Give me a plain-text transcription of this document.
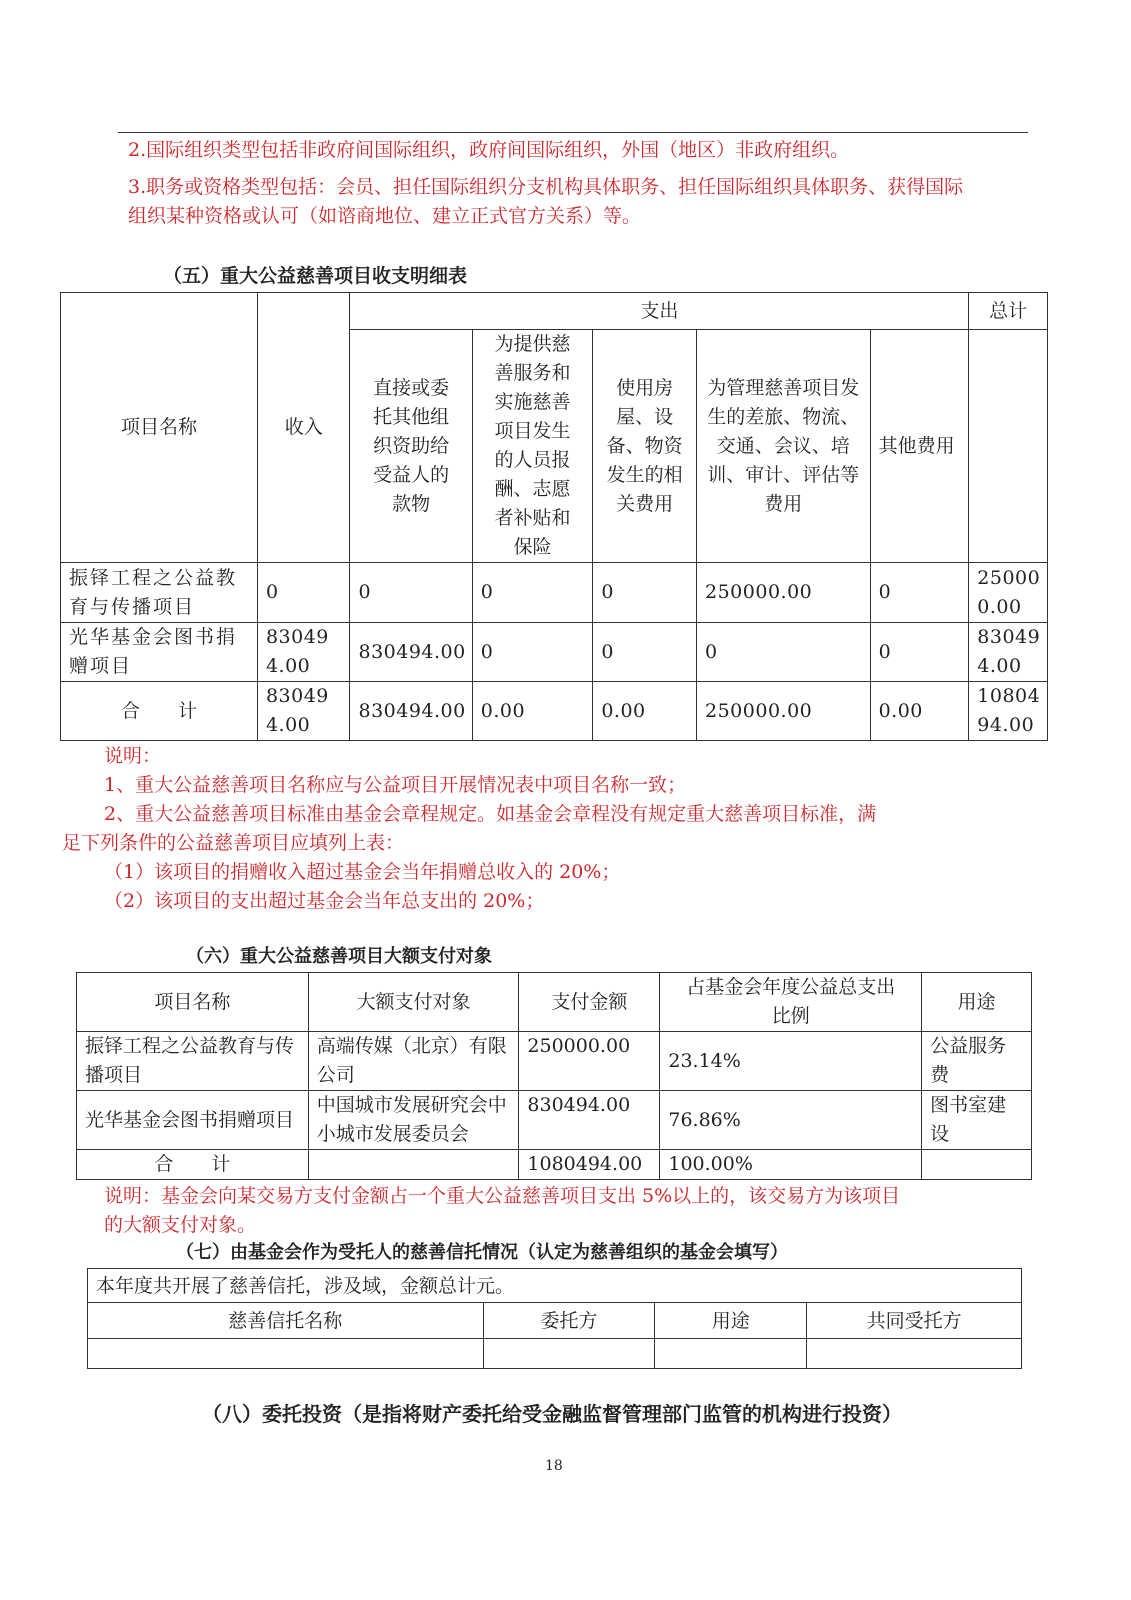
2.国际组织类型包括非政府间国际组织，政府间国际组织，外国（地区）非政府组织。
3.职务或资格类型包括：会员、担任国际组织分支机构具体职务、担任国际组织具体职务、获得国际
组织某种资格或认可（如谘商地位、建立正式官方关系）等。
（五）重大公益慈善项目收支明细表
项目名称	收入	支出					总计
		直接或委托其他组织资助给受益人的款物	为提供慈善服务和实施慈善项目发生的人员报酬、志愿者补贴和保险	使用房屋、设备、物资发生的相关费用	为管理慈善项目发生的差旅、物流、交通、会议、培训、审计、评估等费用	其他费用	
振铎工程之公益教育与传播项目	0	0	0	0	250000.00	0	250000.00
光华基金会图书捐赠项目	830494.00	830494.00	0	0	0	0	830494.00
合　　计	830494.00	830494.00	0.00	0.00	250000.00	0.00	1080494.00
说明：
1、重大公益慈善项目名称应与公益项目开展情况表中项目名称一致；
2、重大公益慈善项目标准由基金会章程规定。如基金会章程没有规定重大慈善项目标准，满
足下列条件的公益慈善项目应填列上表：
（1）该项目的捐赠收入超过基金会当年捐赠总收入的 20%；
（2）该项目的支出超过基金会当年总支出的 20%；
（六）重大公益慈善项目大额支付对象
项目名称	大额支付对象	支付金额	占基金会年度公益总支出比例	用途
振铎工程之公益教育与传播项目	高端传媒（北京）有限公司	250000.00	23.14%	公益服务费
光华基金会图书捐赠项目	中国城市发展研究会中小城市发展委员会	830494.00	76.86%	图书室建设
合　　计		1080494.00	100.00%	
说明：基金会向某交易方支付金额占一个重大公益慈善项目支出 5%以上的，该交易方为该项目
的大额支付对象。
（七）由基金会作为受托人的慈善信托情况（认定为慈善组织的基金会填写）
本年度共开展了慈善信托，涉及域，金额总计元。			
慈善信托名称	委托方	用途	共同受托方

（八）委托投资（是指将财产委托给受金融监督管理部门监管的机构进行投资）
18
